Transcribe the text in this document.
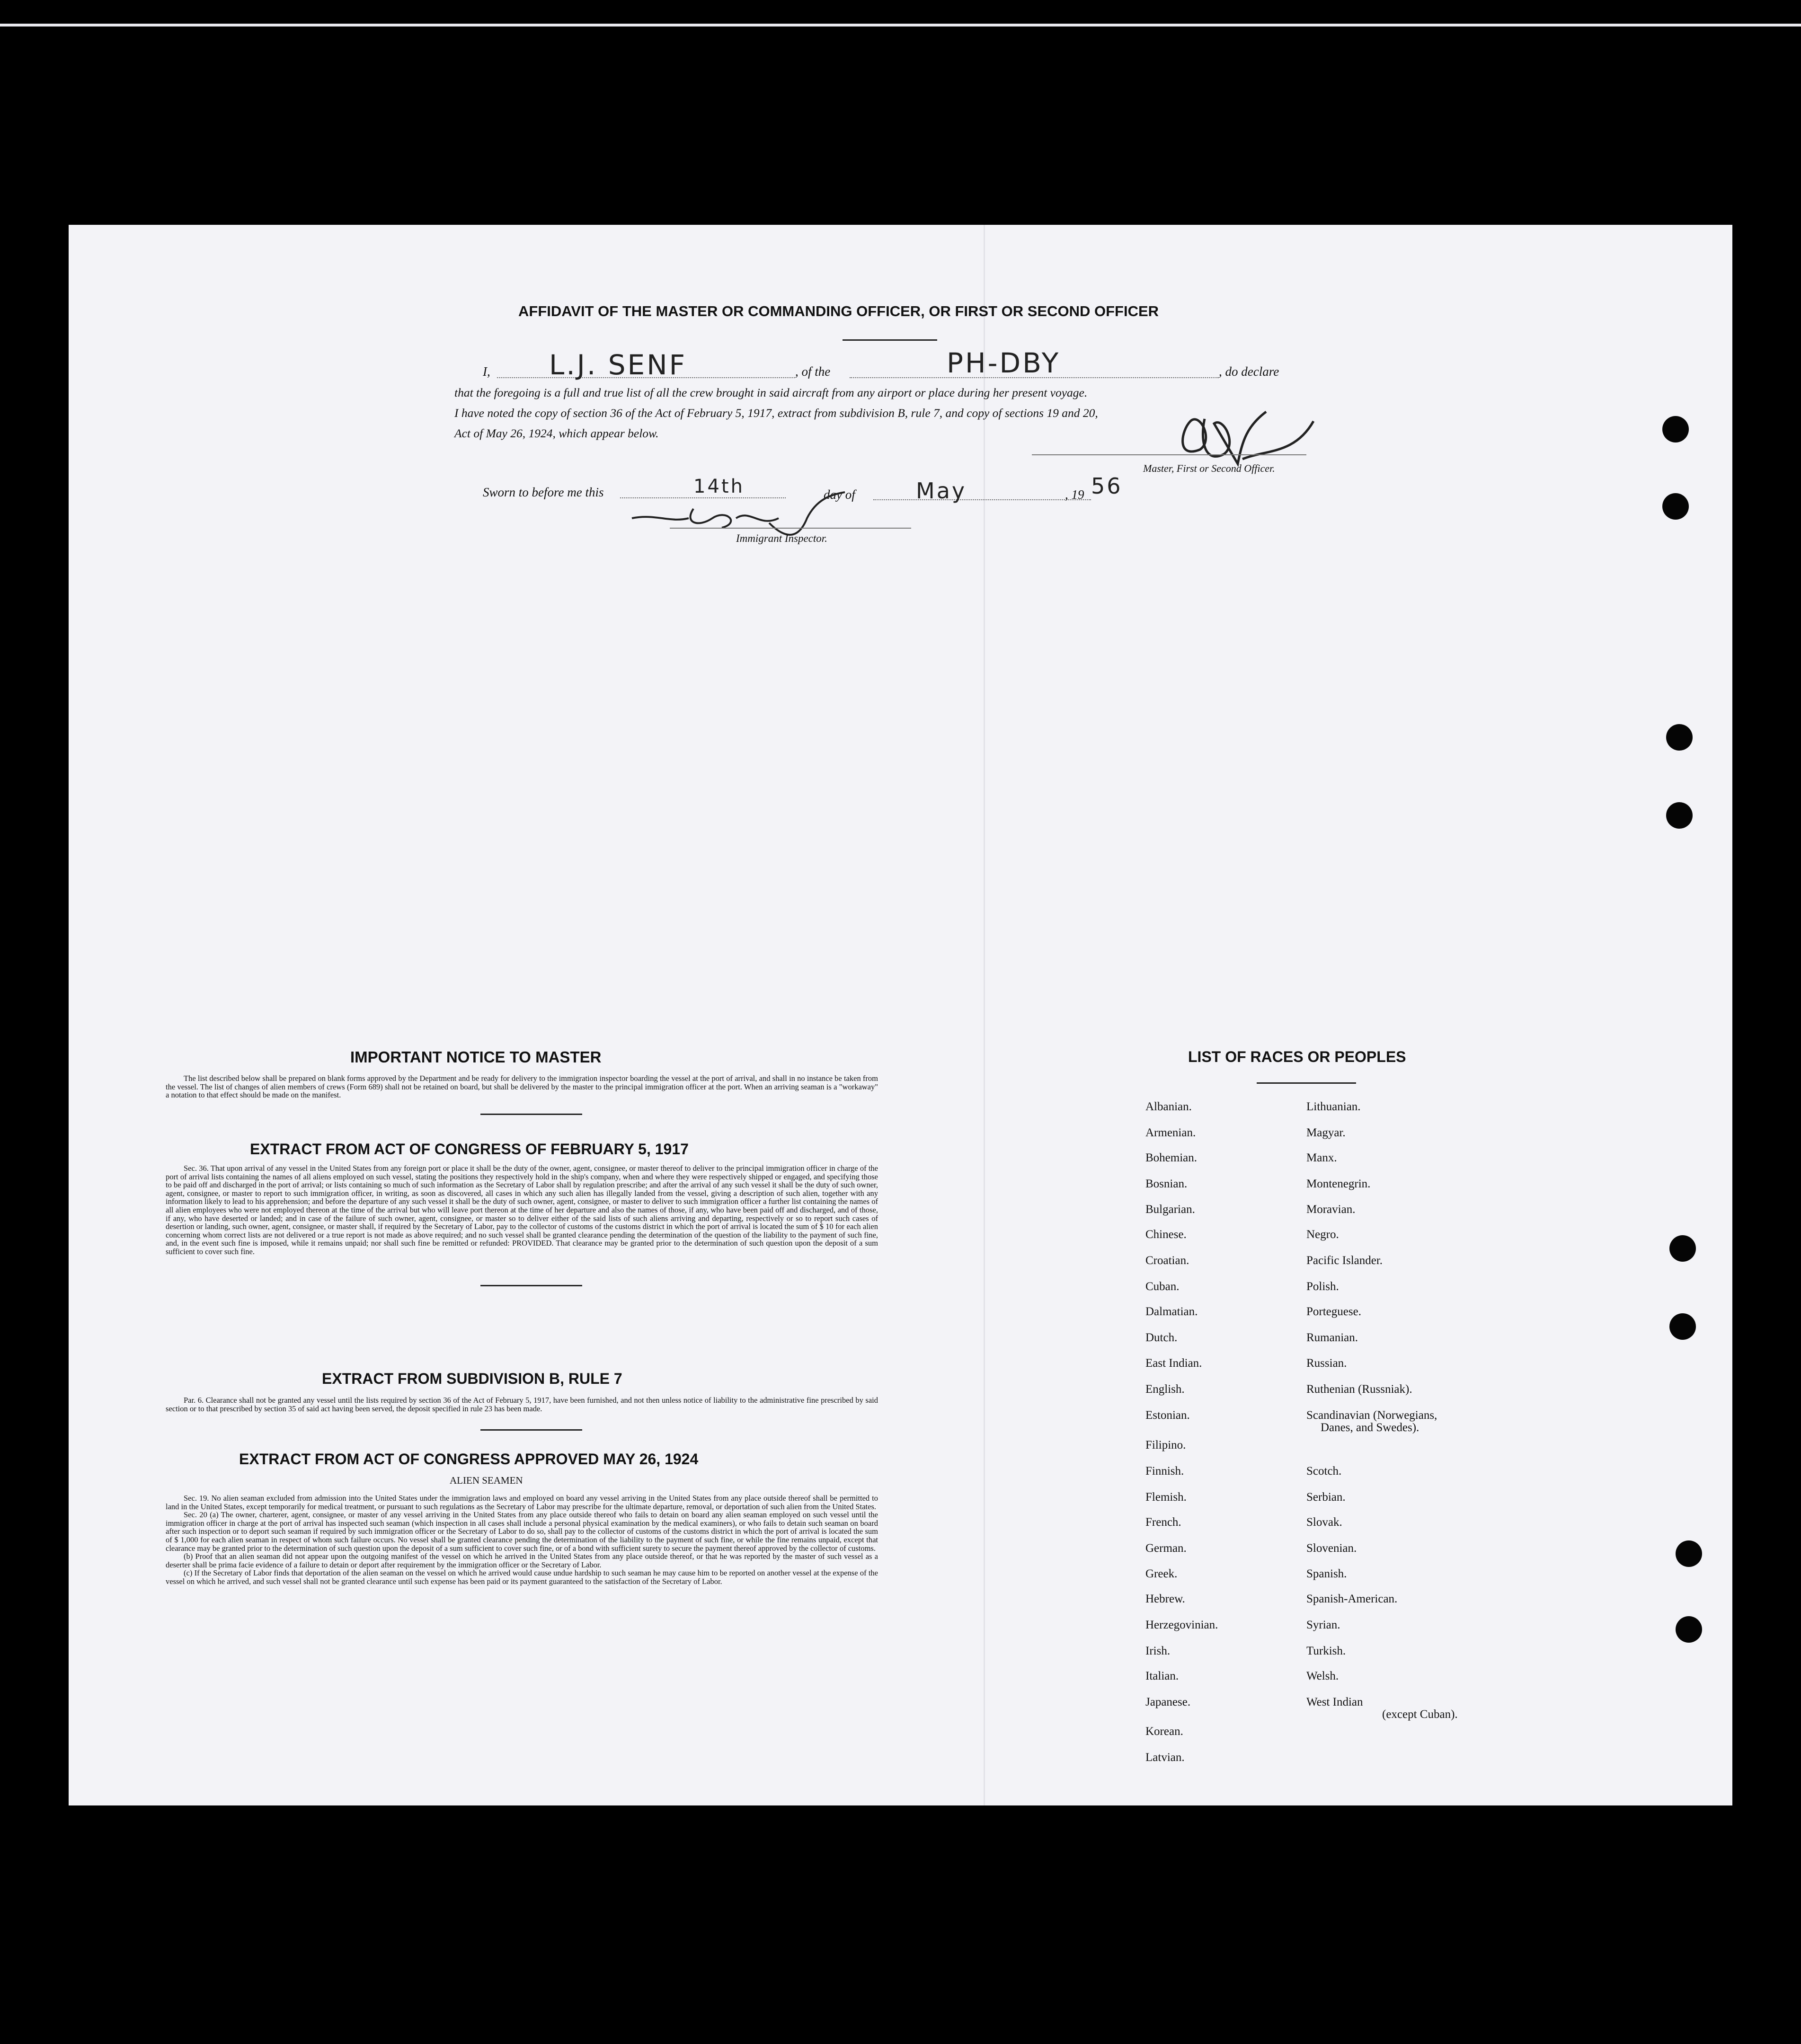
AFFIDAVIT OF THE MASTER OR COMMANDING OFFICER, OR FIRST OR SECOND OFFICER
I, L.J. SENF	, of the	PH-DBY	, do declare
that the foregoing is a full and true list of all the crew brought in said aircraft from any airport or place during her present voyage.
I have noted the copy of section 36 of the Act of February 5, 1917, extract from subdivision B, rule 7, and copy of sections 19 and 20,
Act of May 26, 1924, which appear below.
Master, First or Second Officer.
Sworn to before me this	14th	day of	May	, 19 56
Immigrant Inspector.
IMPORTANT NOTICE TO MASTER

The list described below shall be prepared on blank forms approved by the Department and be ready for delivery to the immigration inspector boarding the vessel at the port of arrival, and shall in no instance be taken from the vessel. The list of changes of alien members of crews (Form 689) shall not be retained on board, but shall be delivered by the master to the principal immigration officer at the port. When an arriving seaman is a "workaway" a notation to that effect should be made on the manifest.

EXTRACT FROM ACT OF CONGRESS OF FEBRUARY 5, 1917

Sec. 36. That upon arrival of any vessel in the United States from any foreign port or place it shall be the duty of the owner, agent, consignee, or master thereof to deliver to the principal immigration officer in charge of the port of arrival lists containing the names of all aliens employed on such vessel, stating the positions they respectively hold in the ship's company, when and where they were respectively shipped or engaged, and specifying those to be paid off and discharged in the port of arrival; or lists containing so much of such information as the Secretary of Labor shall by regulation prescribe; and after the arrival of any such vessel it shall be the duty of such owner, agent, consignee, or master to report to such immigration officer, in writing, as soon as discovered, all cases in which any such alien has illegally landed from the vessel, giving a description of such alien, together with any information likely to lead to his apprehension; and before the departure of any such vessel it shall be the duty of such owner, agent, consignee, or master to deliver to such immigration officer a further list containing the names of all alien employees who were not employed thereon at the time of the arrival but who will leave port thereon at the time of her departure and also the names of those, if any, who have been paid off and discharged, and of those, if any, who have deserted or landed; and in case of the failure of such owner, agent, consignee, or master so to deliver either of the said lists of such aliens arriving and departing, respectively or so to report such cases of desertion or landing, such owner, agent, consignee, or master shall, if required by the Secretary of Labor, pay to the collector of customs of the customs district in which the port of arrival is located the sum of $ 10 for each alien concerning whom correct lists are not delivered or a true report is not made as above required; and no such vessel shall be granted clearance pending the determination of the question of the liability to the payment of such fine, and, in the event such fine is imposed, while it remains unpaid; nor shall such fine be remitted or refunded: PROVIDED. That clearance may be granted prior to the determination of such question upon the deposit of a sum sufficient to cover such fine.

EXTRACT FROM SUBDIVISION B, RULE 7

Par. 6. Clearance shall not be granted any vessel until the lists required by section 36 of the Act of February 5, 1917, have been furnished, and not then unless notice of liability to the administrative fine prescribed by said section or to that prescribed by section 35 of said act having been served, the deposit specified in rule 23 has been made.

EXTRACT FROM ACT OF CONGRESS APPROVED MAY 26, 1924
ALIEN SEAMEN

Sec. 19. No alien seaman excluded from admission into the United States under the immigration laws and employed on board any vessel arriving in the United States from any place outside thereof shall be permitted to land in the United States, except temporarily for medical treatment, or pursuant to such regulations as the Secretary of Labor may prescribe for the ultimate departure, removal, or deportation of such alien from the United States.

Sec. 20 (a) The owner, charterer, agent, consignee, or master of any vessel arriving in the United States from any place outside thereof who fails to detain on board any alien seaman employed on such vessel until the immigration officer in charge at the port of arrival has inspected such seaman (which inspection in all cases shall include a personal physical examination by the medical examiners), or who fails to detain such seaman on board after such inspection or to deport such seaman if required by such immigration officer or the Secretary of Labor to do so, shall pay to the collector of customs of the customs district in which the port of arrival is located the sum of $ 1,000 for each alien seaman in respect of whom such failure occurs. No vessel shall be granted clearance pending the determination of the liability to the payment of such fine, or while the fine remains unpaid, except that clearance may be granted prior to the determination of such question upon the deposit of a sum sufficient to cover such fine, or of a bond with sufficient surety to secure the payment thereof approved by the collector of customs.

(b) Proof that an alien seaman did not appear upon the outgoing manifest of the vessel on which he arrived in the United States from any place outside thereof, or that he was reported by the master of such vessel as a deserter shall be prima facie evidence of a failure to detain or deport after requirement by the immigration officer or the Secretary of Labor.

(c) If the Secretary of Labor finds that deportation of the alien seaman on the vessel on which he arrived would cause undue hardship to such seaman he may cause him to be reported on another vessel at the expense of the vessel on which he arrived, and such vessel shall not be granted clearance until such expense has been paid or its payment guaranteed to the satisfaction of the Secretary of Labor.

LIST OF RACES OR PEOPLES
Albanian.
Armenian.
Bohemian.
Bosnian.
Bulgarian.
Chinese.
Croatian.
Cuban.
Dalmatian.
Dutch.
East Indian.
English.
Estonian.
Filipino.
Finnish.
Flemish.
French.
German.
Greek.
Hebrew.
Herzegovinian.
Irish.
Italian.
Japanese.
Korean.
Latvian.
Lithuanian.
Magyar.
Manx.
Montenegrin.
Moravian.
Negro.
Pacific Islander.
Polish.
Porteguese.
Rumanian.
Russian.
Ruthenian (Russniak).
Scandinavian (Norwegians,
Danes, and Swedes).
Scotch.
Serbian.
Slovak.
Slovenian.
Spanish.
Spanish-American.
Syrian.
Turkish.
Welsh.
West Indian
(except Cuban).
